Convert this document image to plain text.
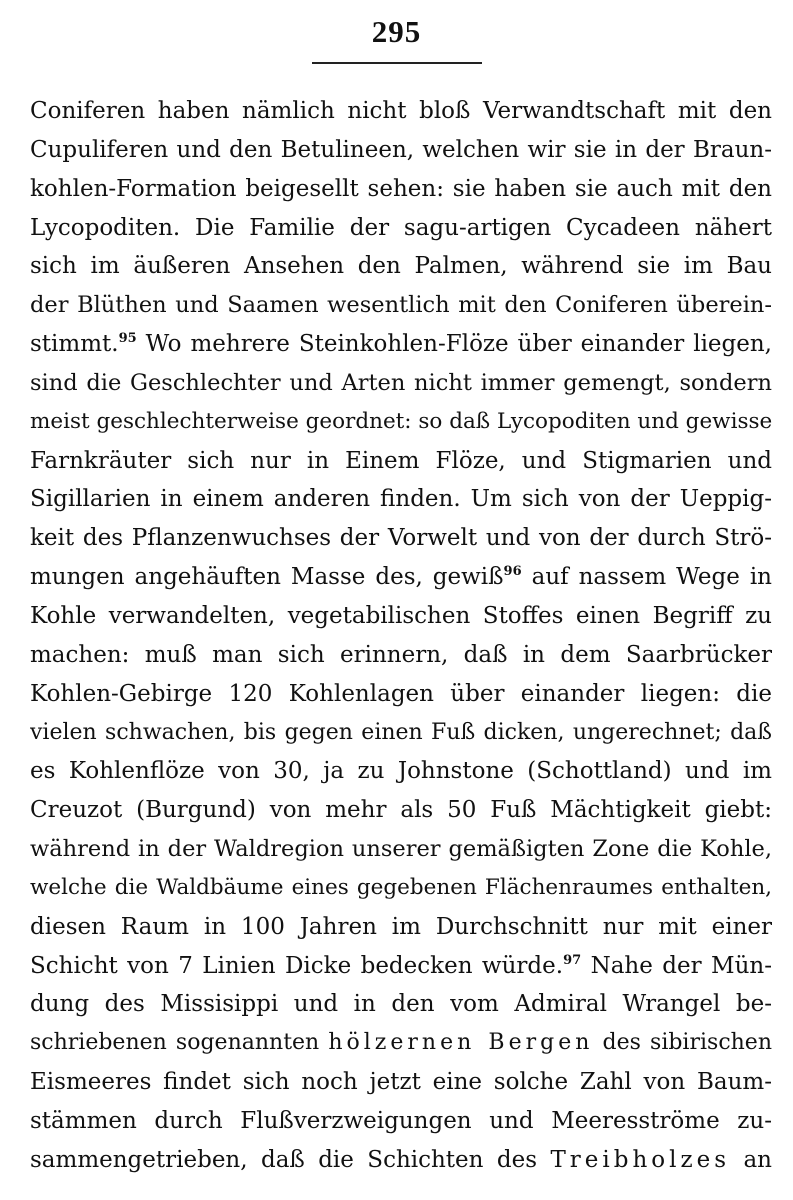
295
Coniferen haben nämlich nicht bloß Verwandtschaft mit den
Cupuliferen und den Betulineen, welchen wir sie in der Braun-
kohlen-Formation beigesellt sehen: sie haben sie auch mit den
Lycopoditen. Die Familie der sagu-artigen Cycadeen nähert
sich im äußeren Ansehen den Palmen, während sie im Bau
der Blüthen und Saamen wesentlich mit den Coniferen überein-
stimmt.$^{95}$ Wo mehrere Steinkohlen-Flöze über einander liegen,
sind die Geschlechter und Arten nicht immer gemengt, sondern
meist geschlechterweise geordnet: so daß Lycopoditen und gewisse
Farnkräuter sich nur in Einem Flöze, und Stigmarien und
Sigillarien in einem anderen finden. Um sich von der Ueppig-
keit des Pflanzenwuchses der Vorwelt und von der durch Strö-
mungen angehäuften Masse des, gewiß$^{96}$ auf nassem Wege in
Kohle verwandelten, vegetabilischen Stoffes einen Begriff zu
machen: muß man sich erinnern, daß in dem Saarbrücker
Kohlen-Gebirge 120 Kohlenlagen über einander liegen: die
vielen schwachen, bis gegen einen Fuß dicken, ungerechnet; daß
es Kohlenflöze von 30, ja zu Johnstone (Schottland) und im
Creuzot (Burgund) von mehr als 50 Fuß Mächtigkeit giebt:
während in der Waldregion unserer gemäßigten Zone die Kohle,
welche die Waldbäume eines gegebenen Flächenraumes enthalten,
diesen Raum in 100 Jahren im Durchschnitt nur mit einer
Schicht von 7 Linien Dicke bedecken würde.$^{97}$ Nahe der Mün-
dung des Missisippi und in den vom Admiral Wrangel be-
schriebenen sogenannten hölzernen Bergen des sibirischen
Eismeeres findet sich noch jetzt eine solche Zahl von Baum-
stämmen durch Flußverzweigungen und Meeresströme zu-
sammengetrieben, daß die Schichten des Treibholzes an
